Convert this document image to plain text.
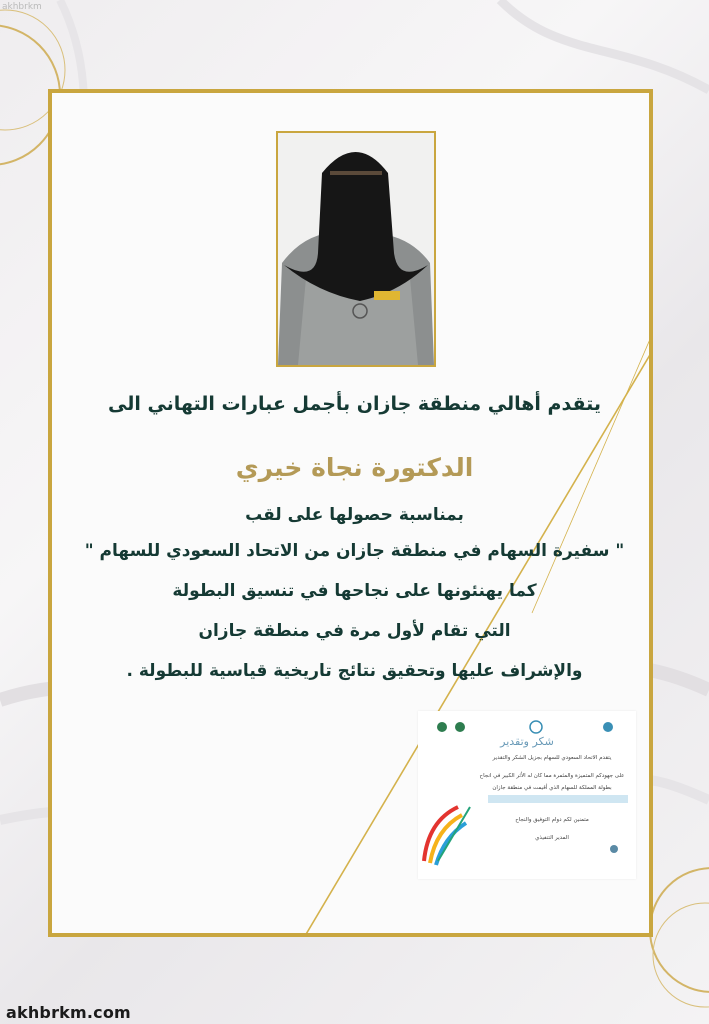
akhbrkm
يتقدم أهالي منطقة جازان بأجمل عبارات التهاني الى
الدكتورة نجاة خيري
بمناسبة حصولها على لقب
" سفيرة السهام في منطقة جازان من الاتحاد السعودي للسهام "
كما يهنئونها على نجاحها في تنسيق البطولة
التي تقام لأول مرة في منطقة جازان
والإشراف عليها وتحقيق نتائج تاريخية قياسية للبطولة .
شكر وتقدير
يتقدم الاتحاد السعودي للسهام بجزيل الشكر والتقدير
على جهودكم المتميزة والمثمرة مما كان له الأثر الكبير في انجاح
بطولة المملكة للسهام الذي أقيمت في منطقة جازان
متمنين لكم دوام التوفيق والنجاح
المدير التنفيذي
akhbrkm.com
